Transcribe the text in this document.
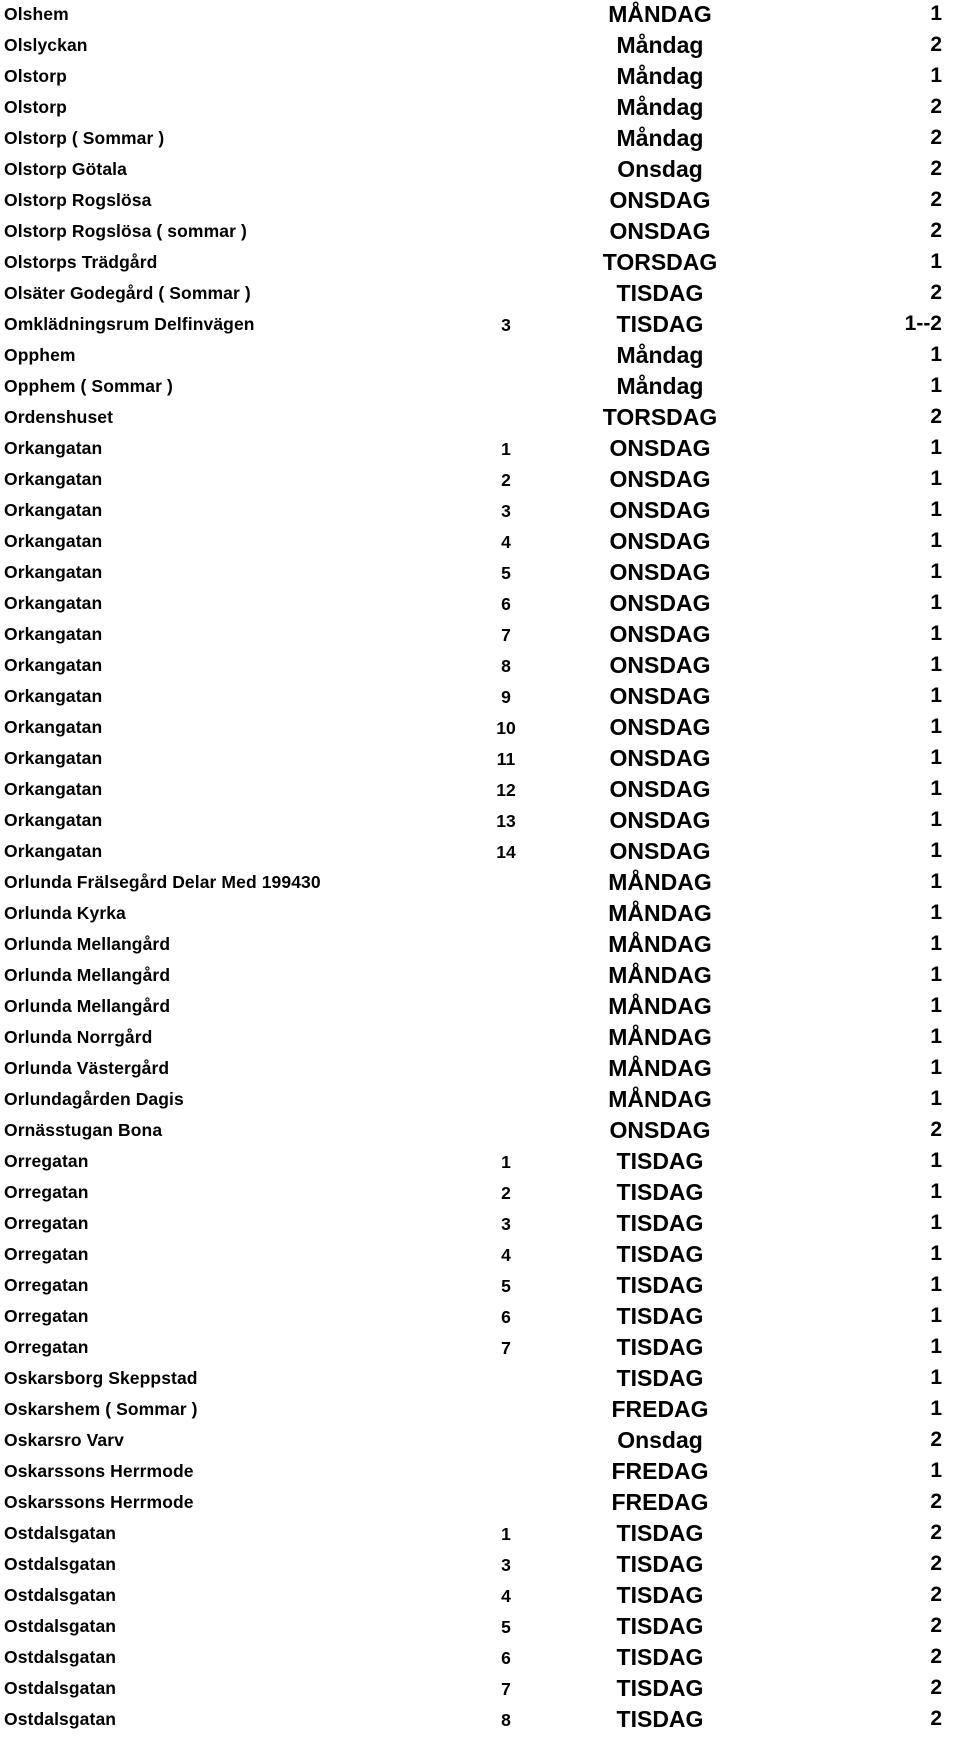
Olshem	MÅNDAG	1
Olslyckan	Måndag	2
Olstorp	Måndag	1
Olstorp	Måndag	2
Olstorp ( Sommar )	Måndag	2
Olstorp Götala	Onsdag	2
Olstorp Rogslösa	ONSDAG	2
Olstorp Rogslösa ( sommar )	ONSDAG	2
Olstorps Trädgård	TORSDAG	1
Olsäter Godegård ( Sommar )	TISDAG	2
Omklädningsrum Delfinvägen	3	TISDAG	1--2
Opphem	Måndag	1
Opphem ( Sommar )	Måndag	1
Ordenshuset	TORSDAG	2
Orkangatan	1	ONSDAG	1
Orkangatan	2	ONSDAG	1
Orkangatan	3	ONSDAG	1
Orkangatan	4	ONSDAG	1
Orkangatan	5	ONSDAG	1
Orkangatan	6	ONSDAG	1
Orkangatan	7	ONSDAG	1
Orkangatan	8	ONSDAG	1
Orkangatan	9	ONSDAG	1
Orkangatan	10	ONSDAG	1
Orkangatan	11	ONSDAG	1
Orkangatan	12	ONSDAG	1
Orkangatan	13	ONSDAG	1
Orkangatan	14	ONSDAG	1
Orlunda Frälsegård Delar Med 199430	MÅNDAG	1
Orlunda Kyrka	MÅNDAG	1
Orlunda Mellangård	MÅNDAG	1
Orlunda Mellangård	MÅNDAG	1
Orlunda Mellangård	MÅNDAG	1
Orlunda Norrgård	MÅNDAG	1
Orlunda Västergård	MÅNDAG	1
Orlundagården Dagis	MÅNDAG	1
Ornässtugan Bona	ONSDAG	2
Orregatan	1	TISDAG	1
Orregatan	2	TISDAG	1
Orregatan	3	TISDAG	1
Orregatan	4	TISDAG	1
Orregatan	5	TISDAG	1
Orregatan	6	TISDAG	1
Orregatan	7	TISDAG	1
Oskarsborg Skeppstad	TISDAG	1
Oskarshem ( Sommar )	FREDAG	1
Oskarsro Varv	Onsdag	2
Oskarssons Herrmode	FREDAG	1
Oskarssons Herrmode	FREDAG	2
Ostdalsgatan	1	TISDAG	2
Ostdalsgatan	3	TISDAG	2
Ostdalsgatan	4	TISDAG	2
Ostdalsgatan	5	TISDAG	2
Ostdalsgatan	6	TISDAG	2
Ostdalsgatan	7	TISDAG	2
Ostdalsgatan	8	TISDAG	2
